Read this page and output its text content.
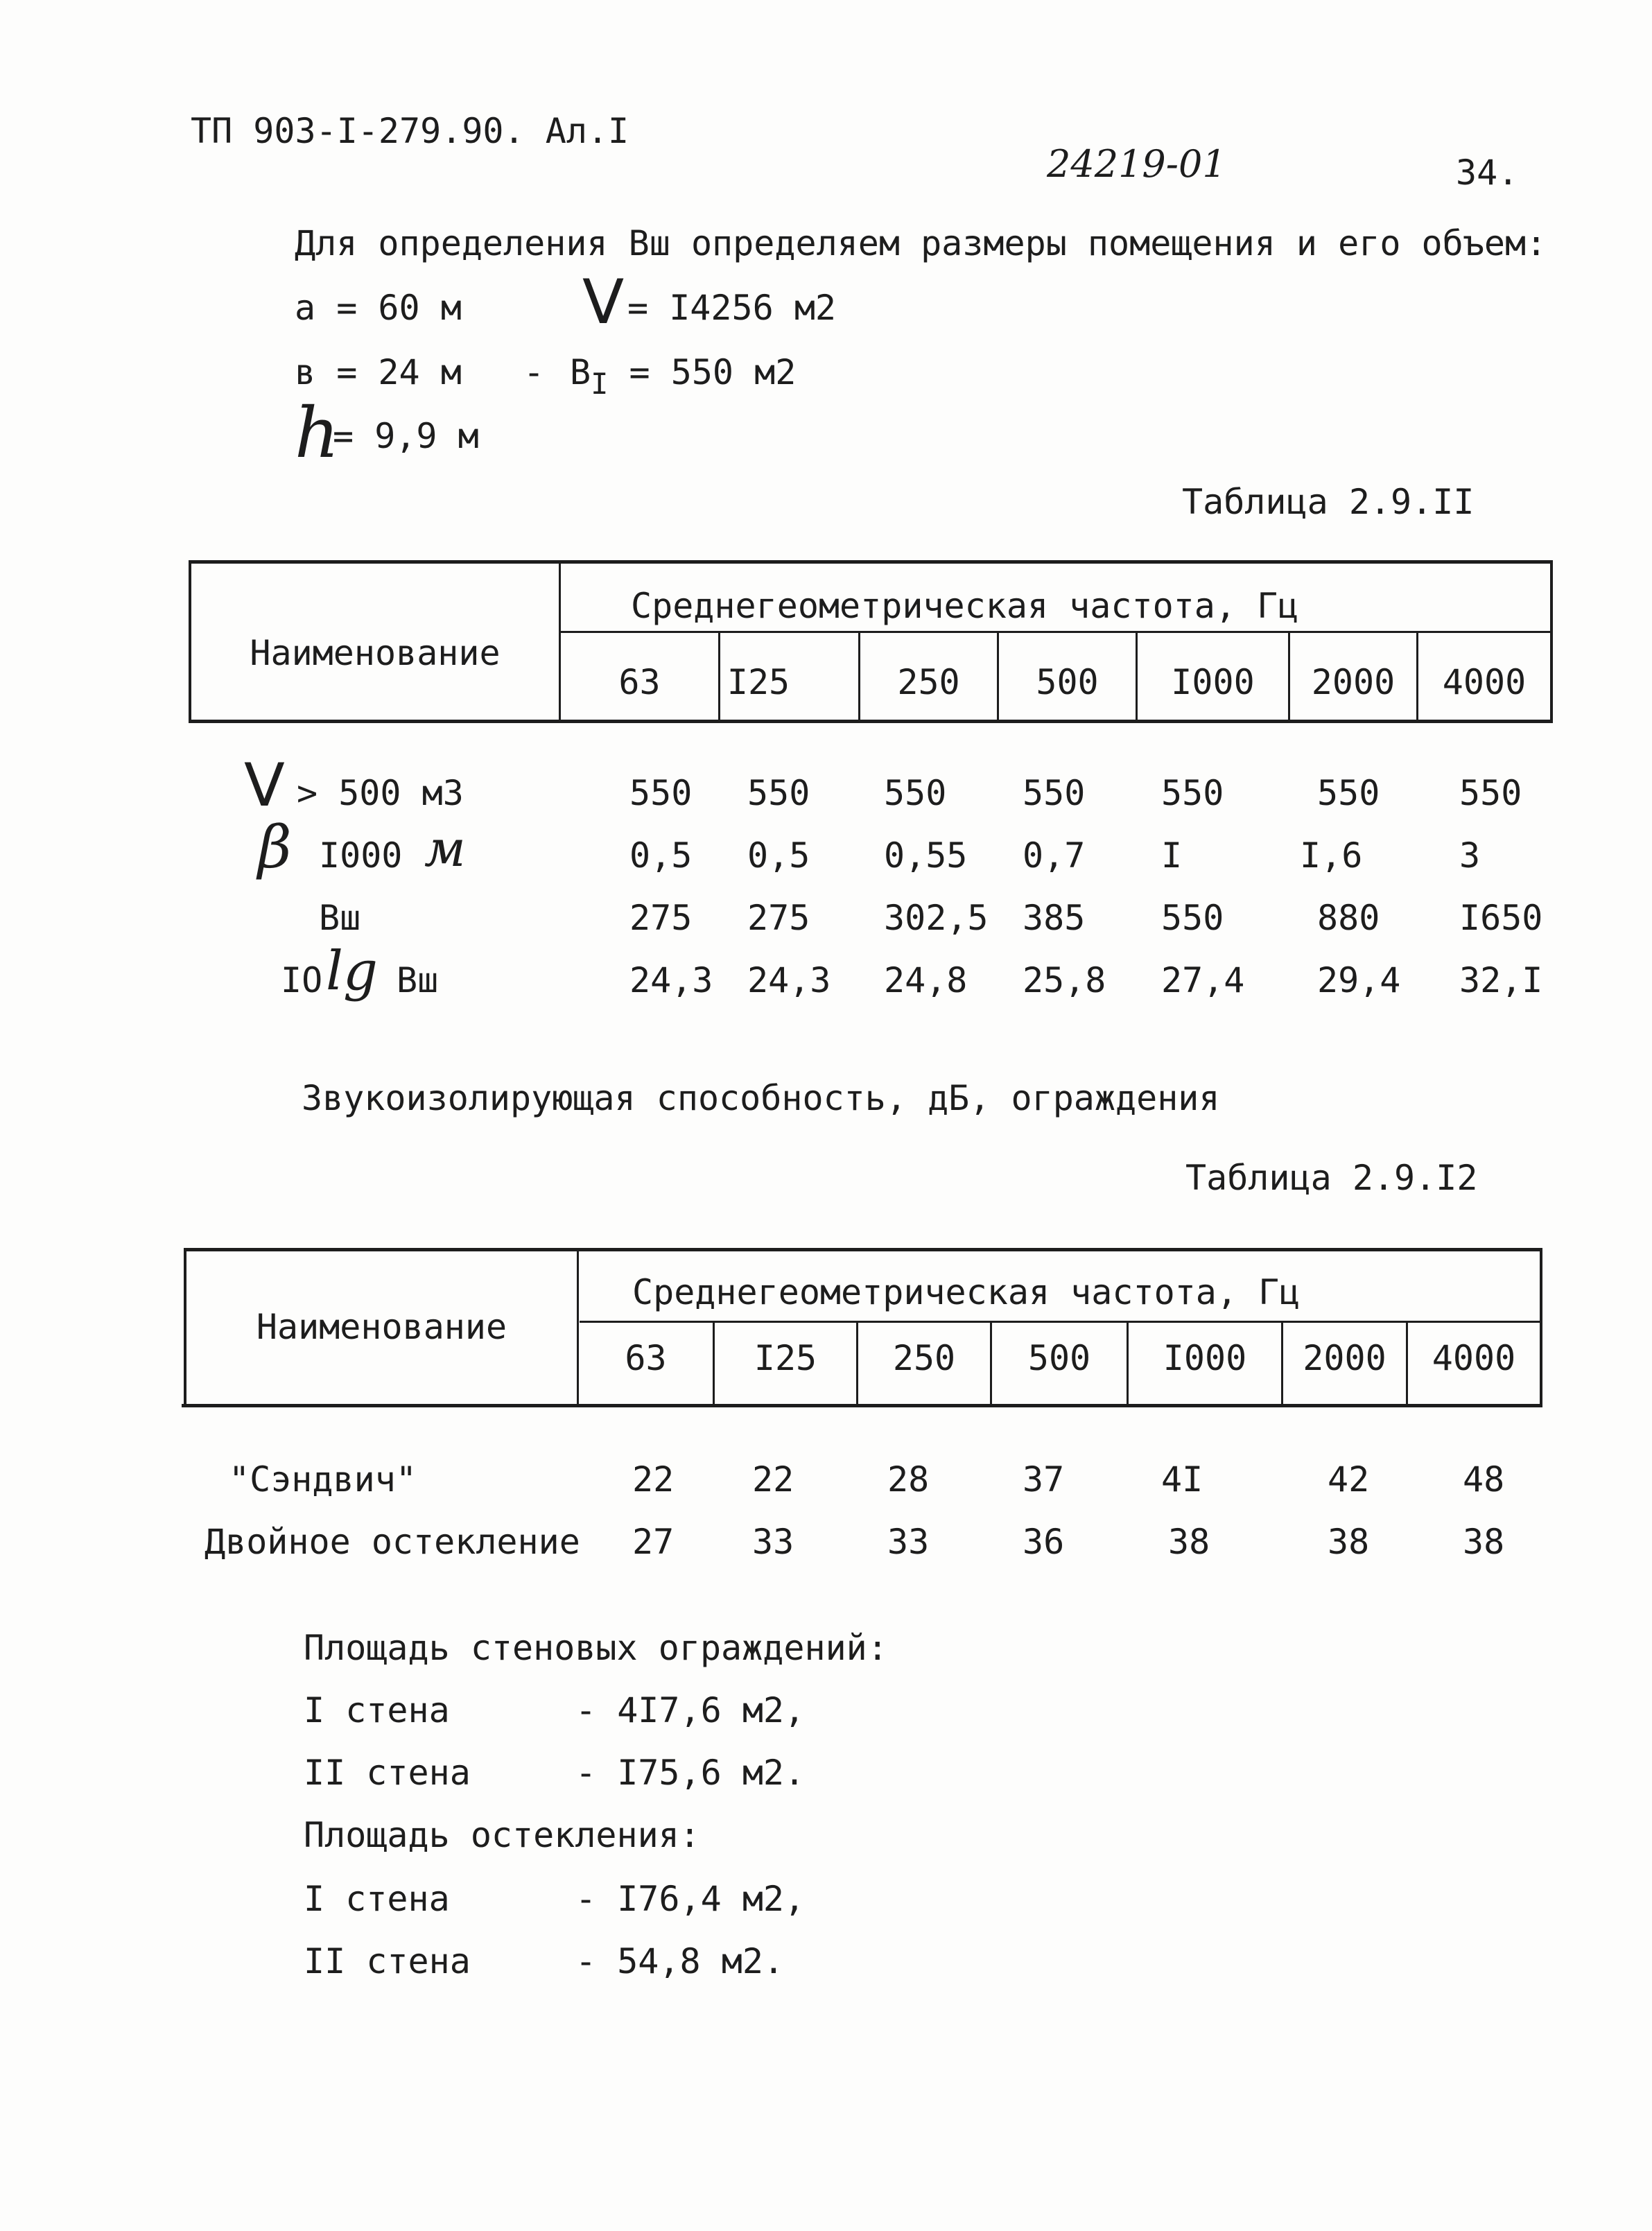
ТП 903-I-279.90. Ал.I
24219-01	34.
Для определения Вш определяем размеры помещения и его объем:
a = 60 м
в = 24 м
h
= 9,9 м
V = I4256 м2
- $B_I = 550$ м2
Таблица 2.9.II
Наименование
Среднегеометрическая частота, Гц
63	I25	250	500	I000	2000	4000
V > 500 м3	550 550 550 550 550	550 550
β I000 м	0,5 0,5 0,55 0,7 I	I,6	3
Вш	275 275 302,5 385 550	880 I650
IO lg Вш	24,3 24,3 24,8 25,8 27,4 29,4 32,I
Звукоизолирующая способность, дБ, ограждения
Таблица 2.9.I2
Наименование
Среднегеометрическая частота, Гц
63	I25	250	500	I000	2000	4000
"Сэндвич"	22 22	28	37	4I	42	48
Двойное остекление 27 33	33	36	38	38	38
Площадь стеновых ограждений:
I стена	- 4I7,6 м2,
II стена	- I75,6 м2.
Площадь остекления:
I стена	- I76,4 м2,
II стена	- 54,8 м2.
